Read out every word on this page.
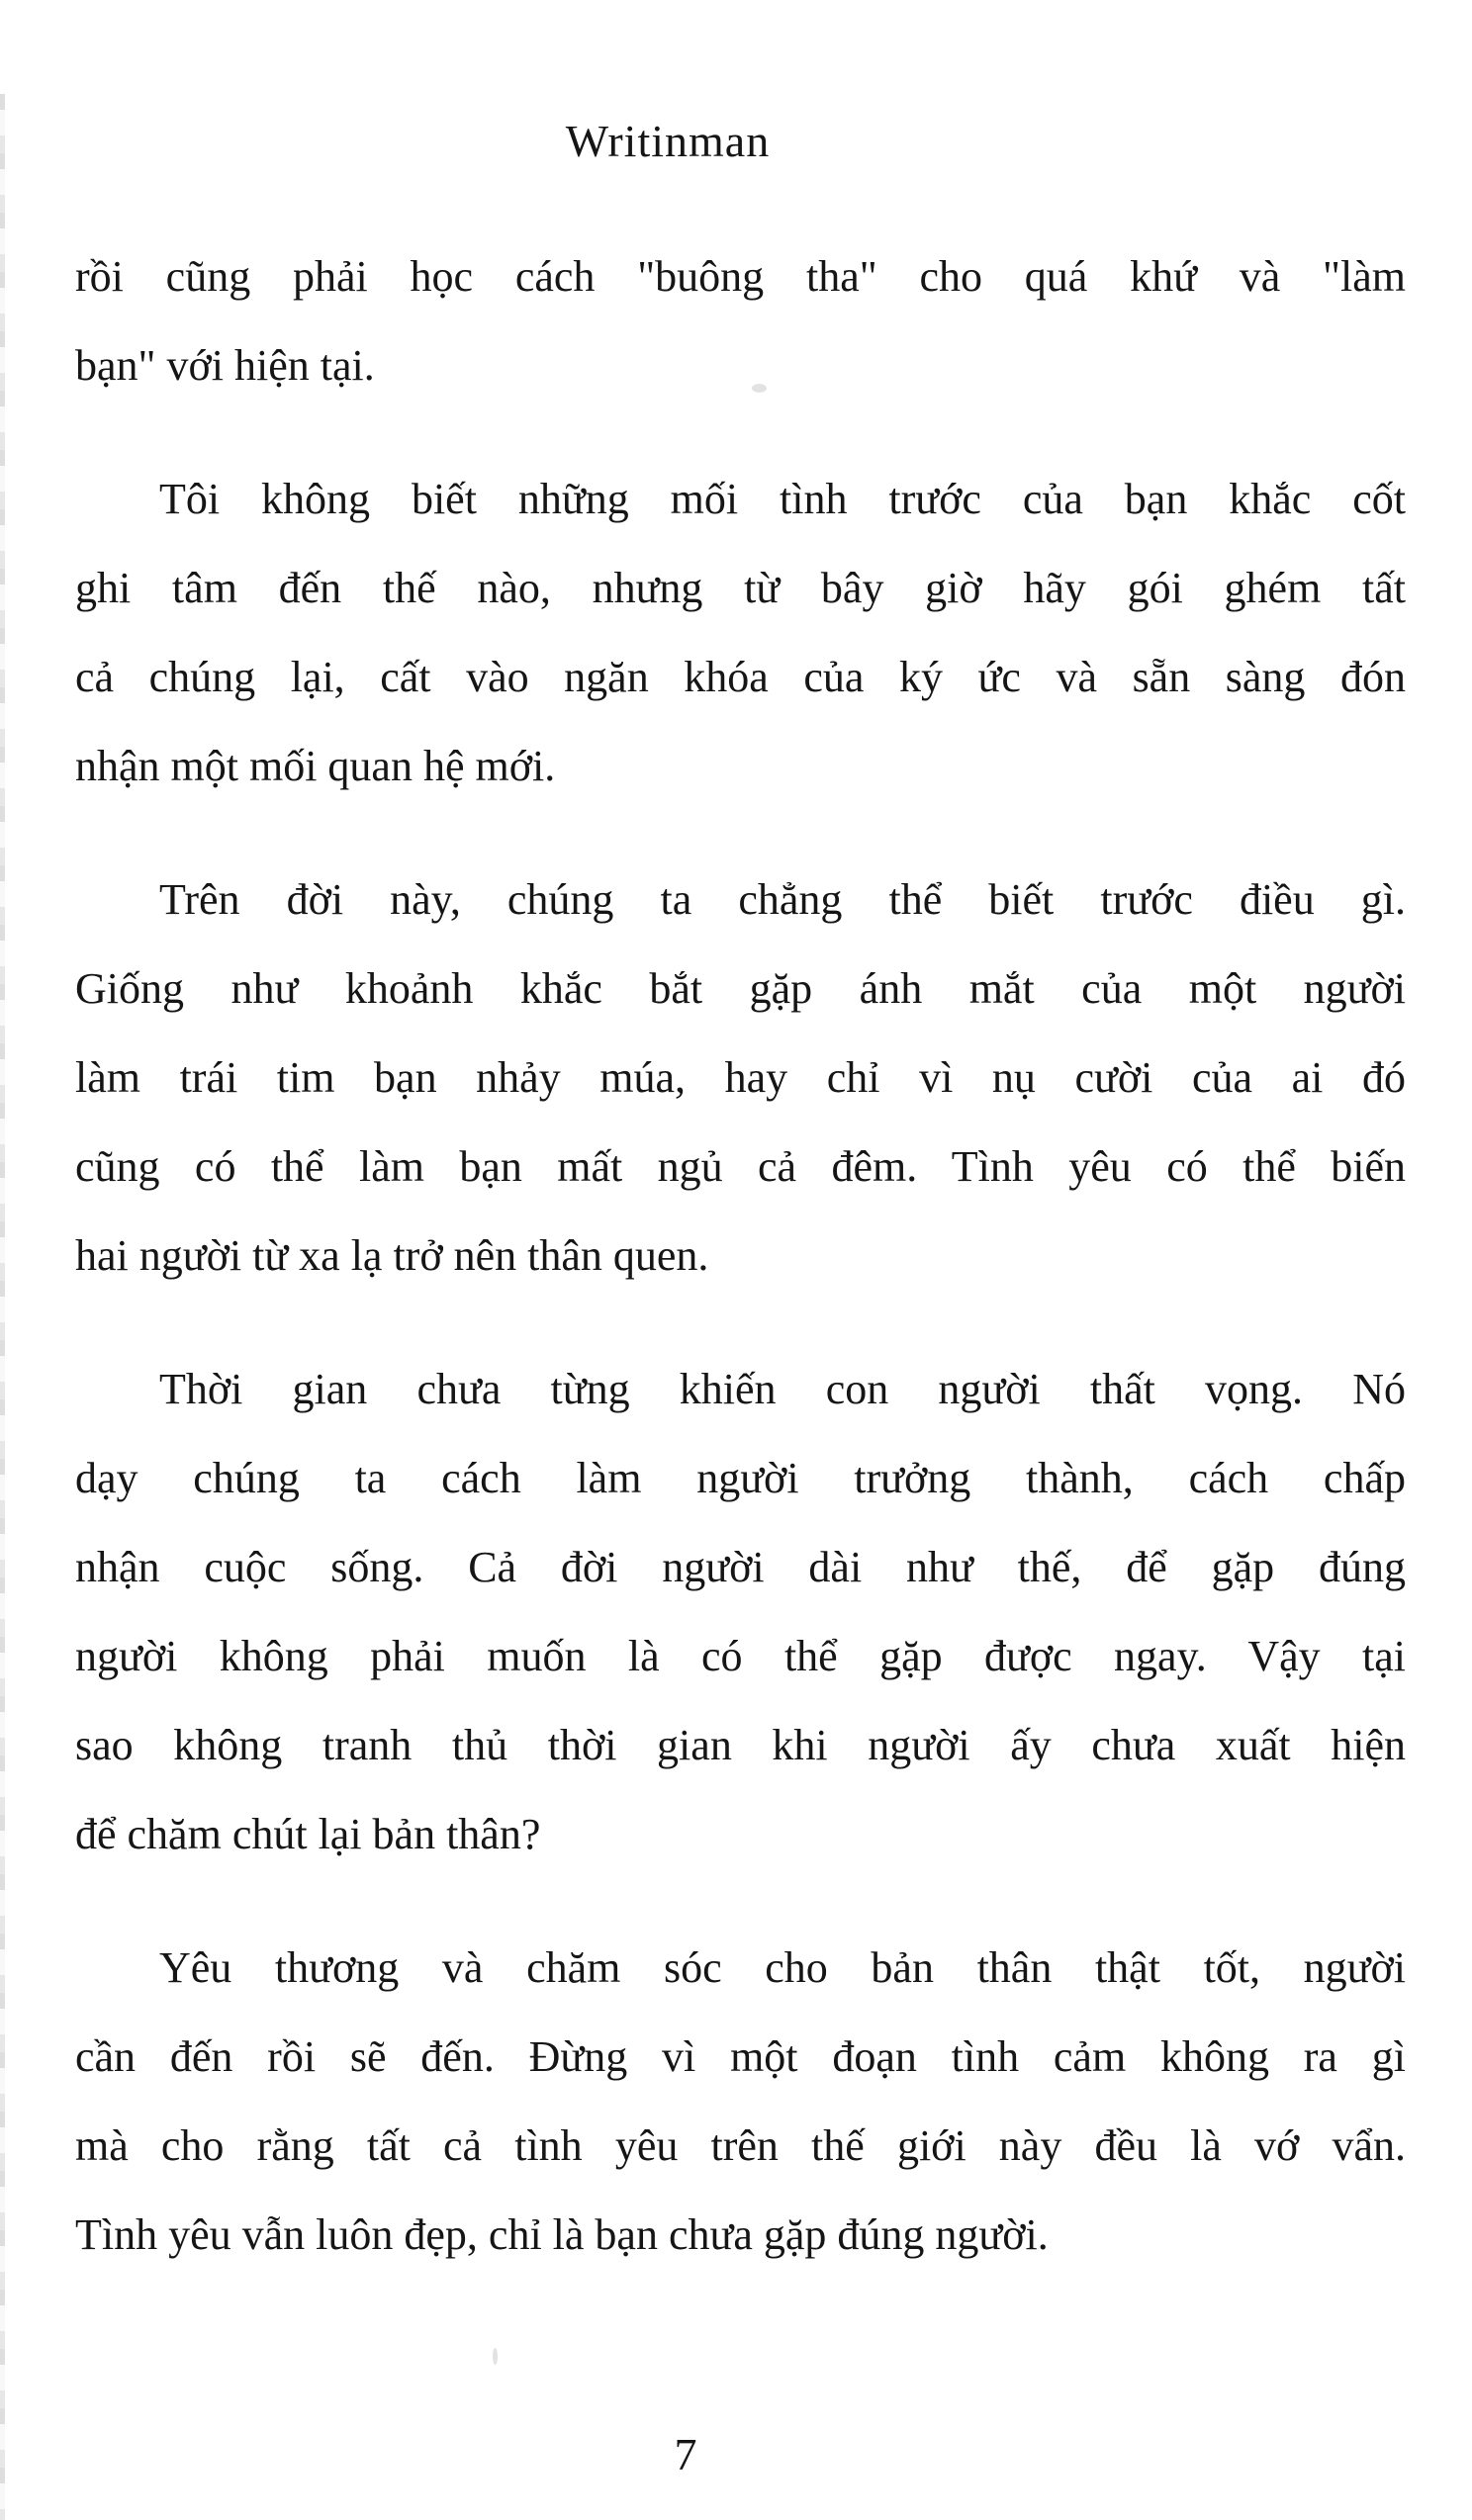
Writinman
rồi cũng phải học cách "buông tha" cho quá khứ và "làm
bạn" với hiện tại.
Tôi không biết những mối tình trước của bạn khắc cốt
ghi tâm đến thế nào, nhưng từ bây giờ hãy gói ghém tất
cả chúng lại, cất vào ngăn khóa của ký ức và sẵn sàng đón
nhận một mối quan hệ mới.
Trên đời này, chúng ta chẳng thể biết trước điều gì.
Giống như khoảnh khắc bắt gặp ánh mắt của một người
làm trái tim bạn nhảy múa, hay chỉ vì nụ cười của ai đó
cũng có thể làm bạn mất ngủ cả đêm. Tình yêu có thể biến
hai người từ xa lạ trở nên thân quen.
Thời gian chưa từng khiến con người thất vọng. Nó
dạy chúng ta cách làm người trưởng thành, cách chấp
nhận cuộc sống. Cả đời người dài như thế, để gặp đúng
người không phải muốn là có thể gặp được ngay. Vậy tại
sao không tranh thủ thời gian khi người ấy chưa xuất hiện
để chăm chút lại bản thân?
Yêu thương và chăm sóc cho bản thân thật tốt, người
cần đến rồi sẽ đến. Đừng vì một đoạn tình cảm không ra gì
mà cho rằng tất cả tình yêu trên thế giới này đều là vớ vẩn.
Tình yêu vẫn luôn đẹp, chỉ là bạn chưa gặp đúng người.
7
